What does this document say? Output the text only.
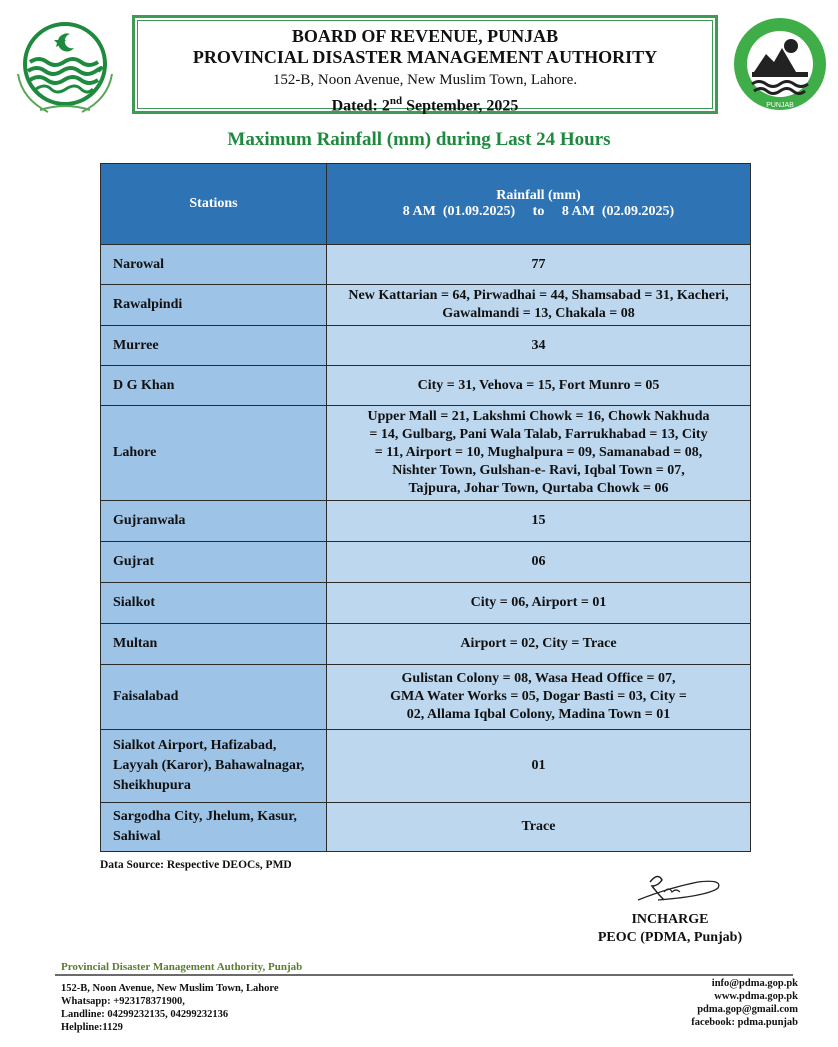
BOARD OF REVENUE, PUNJAB
PROVINCIAL DISASTER MANAGEMENT AUTHORITY
152-B, Noon Avenue, New Muslim Town, Lahore.
Dated: 2nd September, 2025	PUNJAB
Maximum Rainfall (mm) during Last 24 Hours
Stations	Rainfall (mm)
8 AM  (01.09.2025)     to     8 AM  (02.09.2025)

Narowal	77
Rawalpindi	New Kattarian = 64, Pirwadhai = 44, Shamsabad = 31, Kacheri, Gawalmandi = 13, Chakala = 08
Murree	34
D G Khan	City = 31, Vehova = 15, Fort Munro = 05
Lahore	Upper Mall = 21, Lakshmi Chowk = 16, Chowk Nakhuda = 14, Gulbarg, Pani Wala Talab, Farrukhabad = 13, City = 11, Airport = 10, Mughalpura = 09, Samanabad = 08, Nishter Town, Gulshan-e- Ravi, Iqbal Town = 07, Tajpura, Johar Town, Qurtaba Chowk = 06
Gujranwala	15
Gujrat	06
Sialkot	City = 06, Airport = 01
Multan	Airport = 02, City = Trace
Faisalabad	Gulistan Colony = 08, Wasa Head Office = 07, GMA Water Works = 05, Dogar Basti = 03, City = 02, Allama Iqbal Colony, Madina Town = 01
Sialkot Airport, Hafizabad, Layyah (Karor), Bahawalnagar, Sheikhupura	01
Sargodha City, Jhelum, Kasur, Sahiwal	Trace
Data Source: Respective DEOCs, PMD
INCHARGE
PEOC (PDMA, Punjab)
Provincial Disaster Management Authority, Punjab
152-B, Noon Avenue, New Muslim Town, Lahore
Whatsapp: +923178371900,
Landline: 04299232135, 04299232136
Helpline:1129
info@pdma.gop.pk
www.pdma.gop.pk
pdma.gop@gmail.com
facebook: pdma.punjab
